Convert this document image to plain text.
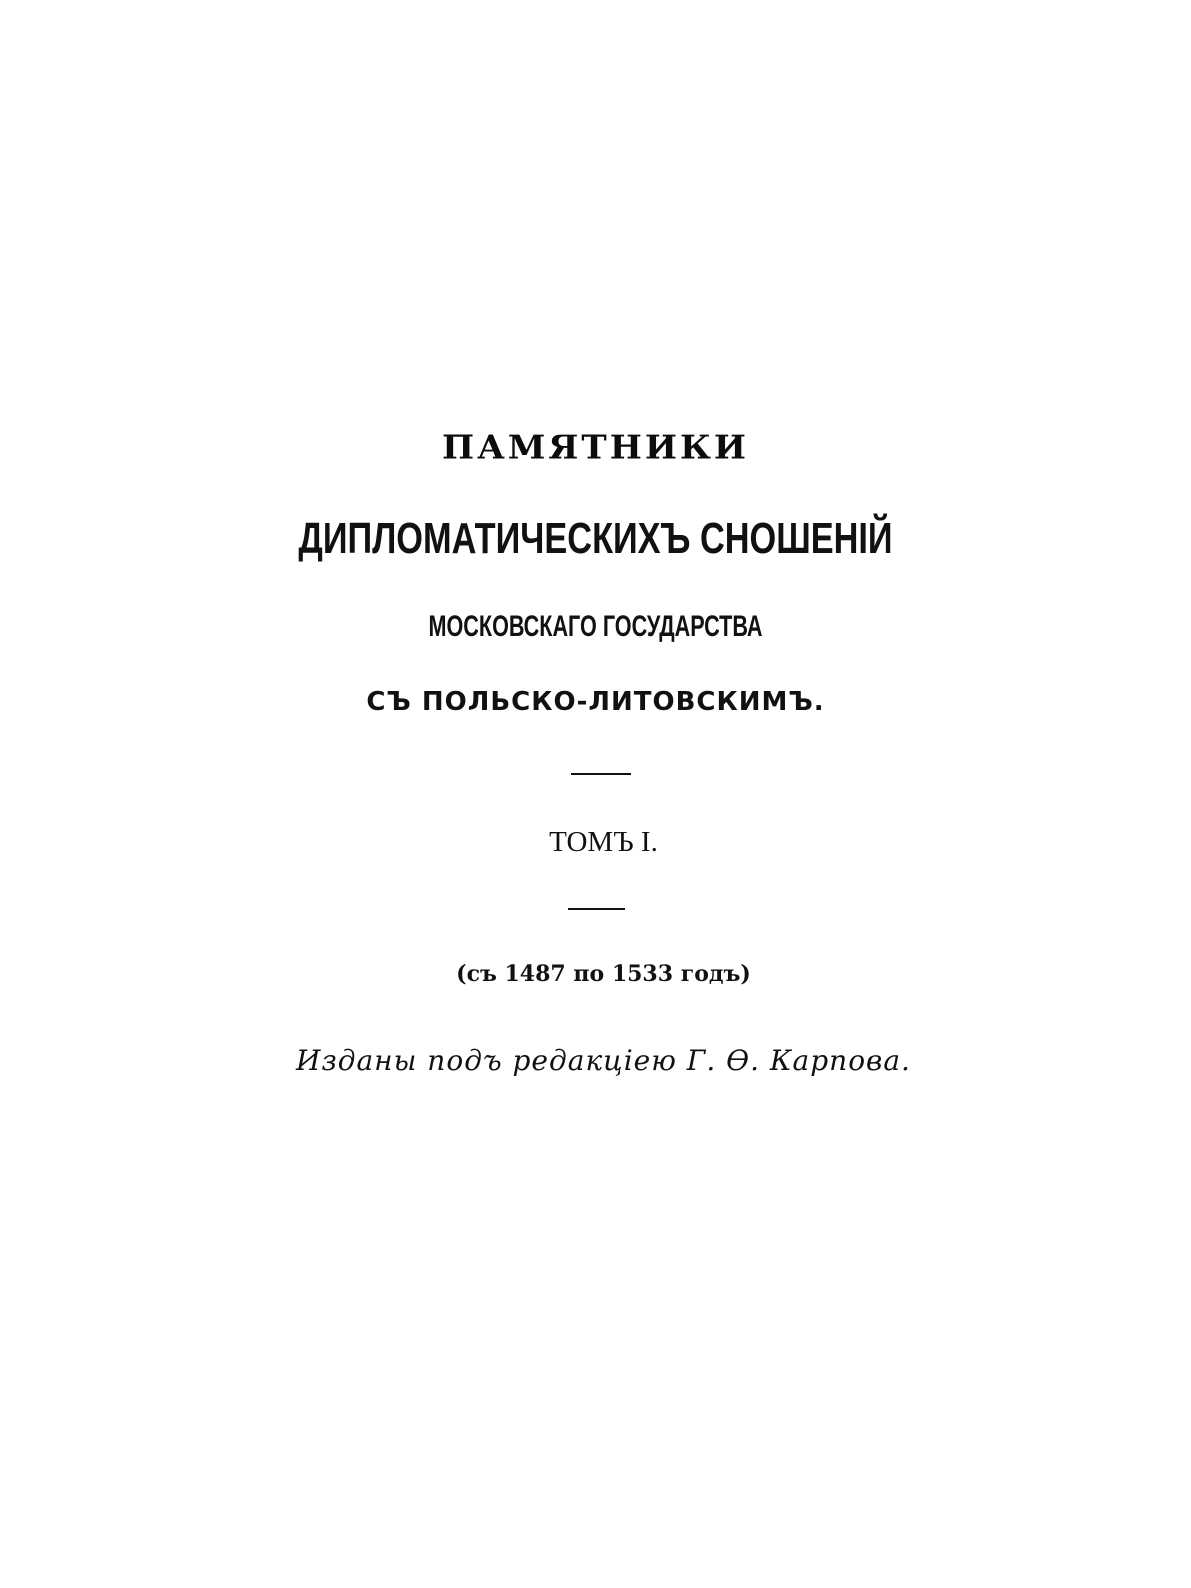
ПАМЯТНИКИ
ДИПЛОМАТИЧЕСКИХЪ СНОШЕНІЙ
МОСКОВСКАГО ГОСУДАРСТВА
СЪ ПОЛЬСКО-ЛИТОВСКИМЪ.
ТОМЪ I.
(съ 1487 по 1533 годъ)
Изданы подъ редакціею Г. Ѳ. Карпова.
